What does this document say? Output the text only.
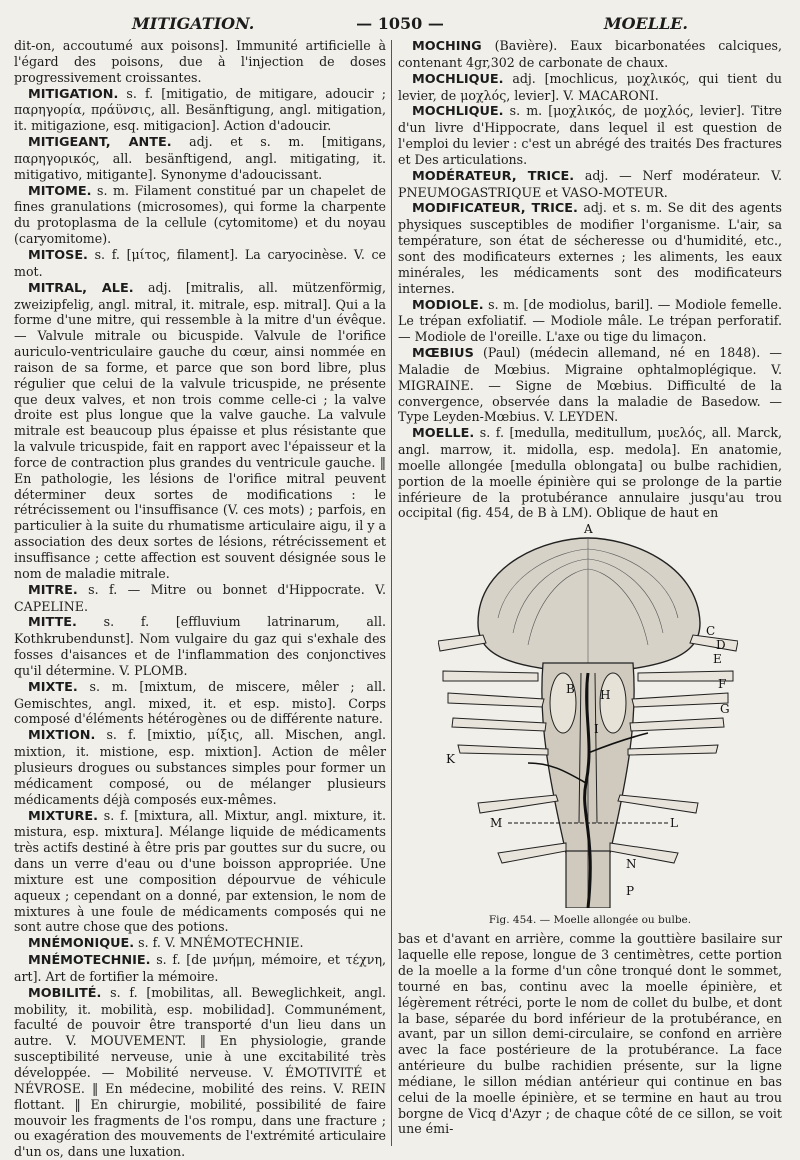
MITIGATION.	— 1050 —	MOELLE.

dit-on, accoutumé aux poisons]. Immunité artificielle à l'égard des poisons, due à l'injection de doses progressivement croissantes.

MITIGATION. s. f. [mitigatio, de mitigare, adoucir ; παρηγορία, πράϋνσις, all. Besänftigung, angl. mitigation, it. mitigazione, esq. mitigacion]. Action d'adoucir.

MITIGEANT, ANTE. adj. et s. m. [mitigans, παρηγορικός, all. besänftigend, angl. mitigating, it. mitigativo, mitigante]. Synonyme d'adoucissant.

MITOME. s. m. Filament constitué par un chapelet de fines granulations (microsomes), qui forme la charpente du protoplasma de la cellule (cytomitome) et du noyau (caryomitome).

MITOSE. s. f. [μίτος, filament]. La caryocinèse. V. ce mot.

MITRAL, ALE. adj. [mitralis, all. mützenförmig, zweizipfelig, angl. mitral, it. mitrale, esp. mitral]. Qui a la forme d'une mitre, qui ressemble à la mitre d'un évêque. — Valvule mitrale ou bicuspide. Valvule de l'orifice auriculo-ventriculaire gauche du cœur, ainsi nommée en raison de sa forme, et parce que son bord libre, plus régulier que celui de la valvule tricuspide, ne présente que deux valves, et non trois comme celle-ci ; la valve droite est plus longue que la valve gauche. La valvule mitrale est beaucoup plus épaisse et plus résistante que la valvule tricuspide, fait en rapport avec l'épaisseur et la force de contraction plus grandes du ventricule gauche. ‖ En pathologie, les lésions de l'orifice mitral peuvent déterminer deux sortes de modifications : le rétrécissement ou l'insuffisance (V. ces mots) ; parfois, en particulier à la suite du rhumatisme articulaire aigu, il y a association des deux sortes de lésions, rétrécissement et insuffisance ; cette affection est souvent désignée sous le nom de maladie mitrale.

MITRE. s. f. — Mitre ou bonnet d'Hippocrate. V. CAPELINE.

MITTE. s. f. [effluvium latrinarum, all. Kothkrubendunst]. Nom vulgaire du gaz qui s'exhale des fosses d'aisances et de l'inflammation des conjonctives qu'il détermine. V. PLOMB.

MIXTE. s. m. [mixtum, de miscere, mêler ; all. Gemischtes, angl. mixed, it. et esp. misto]. Corps composé d'éléments hétérogènes ou de différente nature.

MIXTION. s. f. [mixtio, μίξις, all. Mischen, angl. mixtion, it. mistione, esp. mixtion]. Action de mêler plusieurs drogues ou substances simples pour former un médicament composé, ou de mélanger plusieurs médicaments déjà composés eux-mêmes.

MIXTURE. s. f. [mixtura, all. Mixtur, angl. mixture, it. mistura, esp. mixtura]. Mélange liquide de médicaments très actifs destiné à être pris par gouttes sur du sucre, ou dans un verre d'eau ou d'une boisson appropriée. Une mixture est une composition dépourvue de véhicule aqueux ; cependant on a donné, par extension, le nom de mixtures à une foule de médicaments composés qui ne sont autre chose que des potions.

MNÉMONIQUE. s. f. V. MNÉMOTECHNIE.

MNÉMOTECHNIE. s. f. [de μνήμη, mémoire, et τέχνη, art]. Art de fortifier la mémoire.

MOBILITÉ. s. f. [mobilitas, all. Beweglichkeit, angl. mobility, it. mobilità, esp. mobilidad]. Communément, faculté de pouvoir être transporté d'un lieu dans un autre. V. MOUVEMENT. ‖ En physiologie, grande susceptibilité nerveuse, unie à une excitabilité très développée. — Mobilité nerveuse. V. ÉMOTIVITÉ et NÉVROSE. ‖ En médecine, mobilité des reins. V. REIN flottant. ‖ En chirurgie, mobilité, possibilité de faire mouvoir les fragments de l'os rompu, dans une fracture ; ou exagération des mouvements de l'extrémité articulaire d'un os, dans une luxation.

MOCHING (Bavière). Eaux bicarbonatées calciques, contenant 4gr,302 de carbonate de chaux.

MOCHLIQUE. adj. [mochlicus, μοχλικός, qui tient du levier, de μοχλός, levier]. V. MACARONI.

MOCHLIQUE. s. m. [μοχλικός, de μοχλός, levier]. Titre d'un livre d'Hippocrate, dans lequel il est question de l'emploi du levier : c'est un abrégé des traités Des fractures et Des articulations.

MODÉRATEUR, TRICE. adj. — Nerf modérateur. V. PNEUMOGASTRIQUE et VASO-MOTEUR.

MODIFICATEUR, TRICE. adj. et s. m. Se dit des agents physiques susceptibles de modifier l'organisme. L'air, sa température, son état de sécheresse ou d'humidité, etc., sont des modificateurs externes ; les aliments, les eaux minérales, les médicaments sont des modificateurs internes.

MODIOLE. s. m. [de modiolus, baril]. — Modiole femelle. Le trépan exfoliatif. — Modiole mâle. Le trépan perforatif. — Modiole de l'oreille. L'axe ou tige du limaçon.

MŒBIUS (Paul) (médecin allemand, né en 1848). — Maladie de Mœbius. Migraine ophtalmoplégique. V. MIGRAINE. — Signe de Mœbius. Difficulté de la convergence, observée dans la maladie de Basedow. — Type Leyden-Mœbius. V. LEYDEN.

MOELLE. s. f. [medulla, meditullum, μυελός, all. Marck, angl. marrow, it. midolla, esp. medola]. En anatomie, moelle allongée [medulla oblongata] ou bulbe rachidien, portion de la moelle épinière qui se prolonge de la partie inférieure de la protubérance annulaire jusqu'au trou occipital (fig. 454, de B à LM). Oblique de haut en

A
B
C
D
E
F
G
H
I
K
L
M
N
P
Fig. 454. — Moelle allongée ou bulbe.

bas et d'avant en arrière, comme la gouttière basilaire sur laquelle elle repose, longue de 3 centimètres, cette portion de la moelle a la forme d'un cône tronqué dont le sommet, tourné en bas, continu avec la moelle épinière, et légèrement rétréci, porte le nom de collet du bulbe, et dont la base, séparée du bord inférieur de la protubérance, en avant, par un sillon demi-circulaire, se confond en arrière avec la face postérieure de la protubérance. La face antérieure du bulbe rachidien présente, sur la ligne médiane, le sillon médian antérieur qui continue en bas celui de la moelle épinière, et se termine en haut au trou borgne de Vicq d'Azyr ; de chaque côté de ce sillon, se voit une émi-
